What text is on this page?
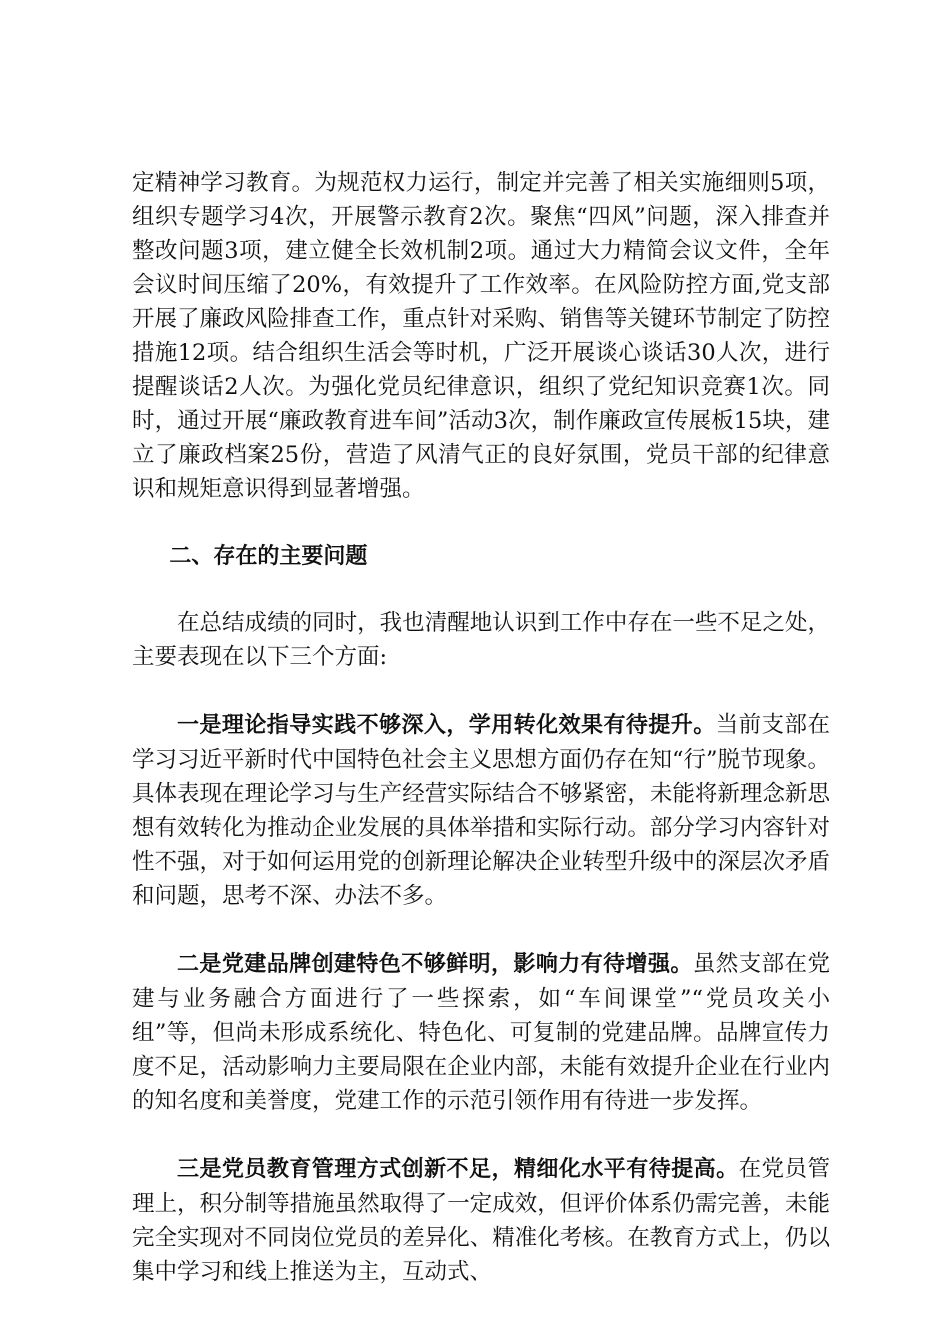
定精神学习教育。为规范权力运行，制定并完善了相关实施细则5项，组织专题学习4次，开展警示教育2次。聚焦“四风”问题，深入排查并整改问题3项，建立健全长效机制2项。通过大力精简会议文件，全年会议时间压缩了20%，有效提升了工作效率。在风险防控方面,党支部开展了廉政风险排查工作，重点针对采购、销售等关键环节制定了防控措施12项。结合组织生活会等时机，广泛开展谈心谈话30人次，进行提醒谈话2人次。为强化党员纪律意识，组织了党纪知识竞赛1次。同时，通过开展“廉政教育进车间”活动3次，制作廉政宣传展板15块，建立了廉政档案25份，营造了风清气正的良好氛围，党员干部的纪律意识和规矩意识得到显著增强。

二、存在的主要问题

在总结成绩的同时，我也清醒地认识到工作中存在一些不足之处，主要表现在以下三个方面:

一是理论指导实践不够深入，学用转化效果有待提升。当前支部在学习习近平新时代中国特色社会主义思想方面仍存在知“行”脱节现象。具体表现在理论学习与生产经营实际结合不够紧密，未能将新理念新思想有效转化为推动企业发展的具体举措和实际行动。部分学习内容针对性不强，对于如何运用党的创新理论解决企业转型升级中的深层次矛盾和问题，思考不深、办法不多。

二是党建品牌创建特色不够鲜明，影响力有待增强。虽然支部在党建与业务融合方面进行了一些探索，如“车间课堂”“党员攻关小组”等，但尚未形成系统化、特色化、可复制的党建品牌。品牌宣传力度不足，活动影响力主要局限在企业内部，未能有效提升企业在行业内的知名度和美誉度，党建工作的示范引领作用有待进一步发挥。

三是党员教育管理方式创新不足，精细化水平有待提高。在党员管理上，积分制等措施虽然取得了一定成效，但评价体系仍需完善，未能完全实现对不同岗位党员的差异化、精准化考核。在教育方式上，仍以集中学习和线上推送为主，互动式、
